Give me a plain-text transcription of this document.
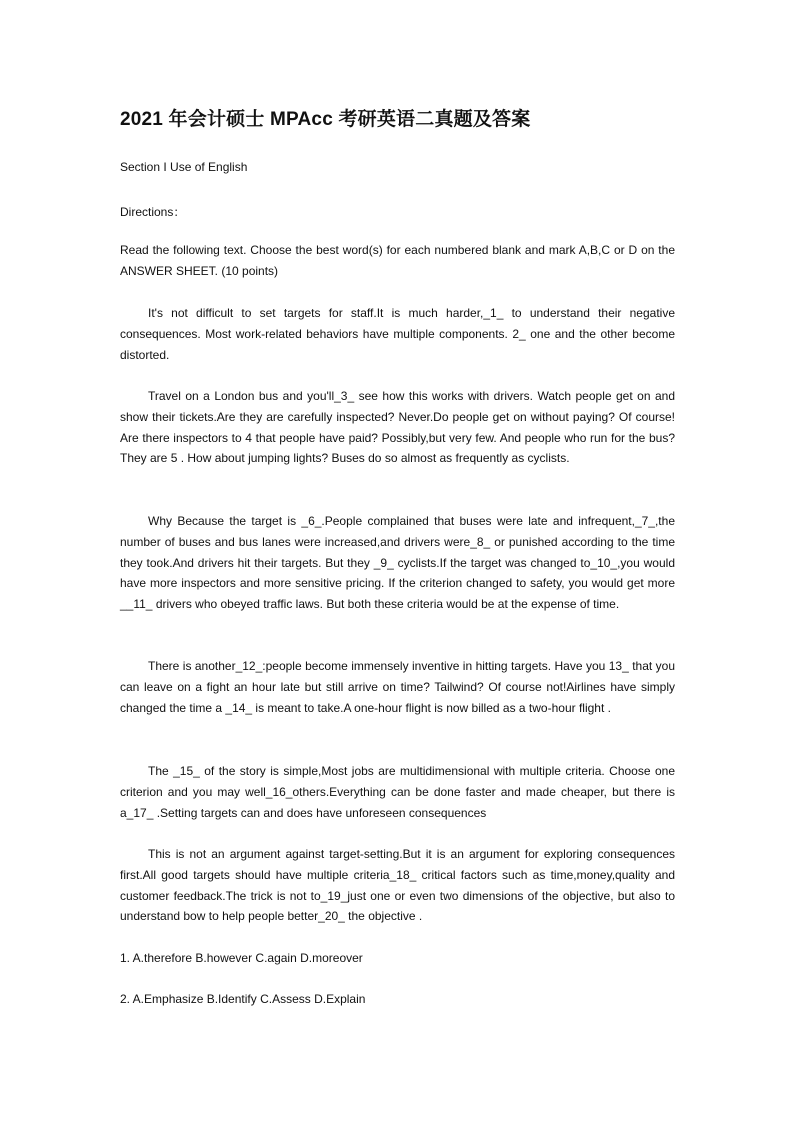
2021 年会计硕士 MPAcc 考研英语二真题及答案
Section I Use of English
Directions：
Read the following text. Choose the best word(s) for each numbered blank and mark A,B,C or D on the ANSWER SHEET. (10 points)
It's not difficult to set targets for staff.It is much harder,_1_ to understand their negative consequences. Most work-related behaviors have multiple components. 2_ one and the other become distorted.
Travel on a London bus and you'll_3_ see how this works with drivers. Watch people get on and show their tickets.Are they are carefully inspected? Never.Do people get on without paying? Of course! Are there inspectors to 4 that people have paid? Possibly,but very few. And people who run for the bus? They are 5 . How about jumping lights? Buses do so almost as frequently as cyclists.
Why Because the target is _6_.People complained that buses were late and infrequent,_7_,the number of buses and bus lanes were increased,and drivers were_8_ or punished according to the time they took.And drivers hit their targets. But they _9_ cyclists.If the target was changed to_10_,you would have more inspectors and more sensitive pricing. If the criterion changed to safety, you would get more __11_ drivers who obeyed traffic laws. But both these criteria would be at the expense of time.
There is another_12_:people become immensely inventive in hitting targets. Have you 13_ that you can leave on a fight an hour late but still arrive on time? Tailwind? Of course not!Airlines have simply changed the time a _14_ is meant to take.A one-hour flight is now billed as a two-hour flight .
The _15_ of the story is simple,Most jobs are multidimensional with multiple criteria. Choose one criterion and you may well_16_others.Everything can be done faster and made cheaper, but there is a_17_ .Setting targets can and does have unforeseen consequences
This is not an argument against target-setting.But it is an argument for exploring consequences first.All good targets should have multiple criteria_18_ critical factors such as time,money,quality and customer feedback.The trick is not to_19_just one or even two dimensions of the objective, but also to understand bow to help people better_20_ the objective .
1. A.therefore B.however C.again D.moreover
2. A.Emphasize B.Identify C.Assess D.Explain
